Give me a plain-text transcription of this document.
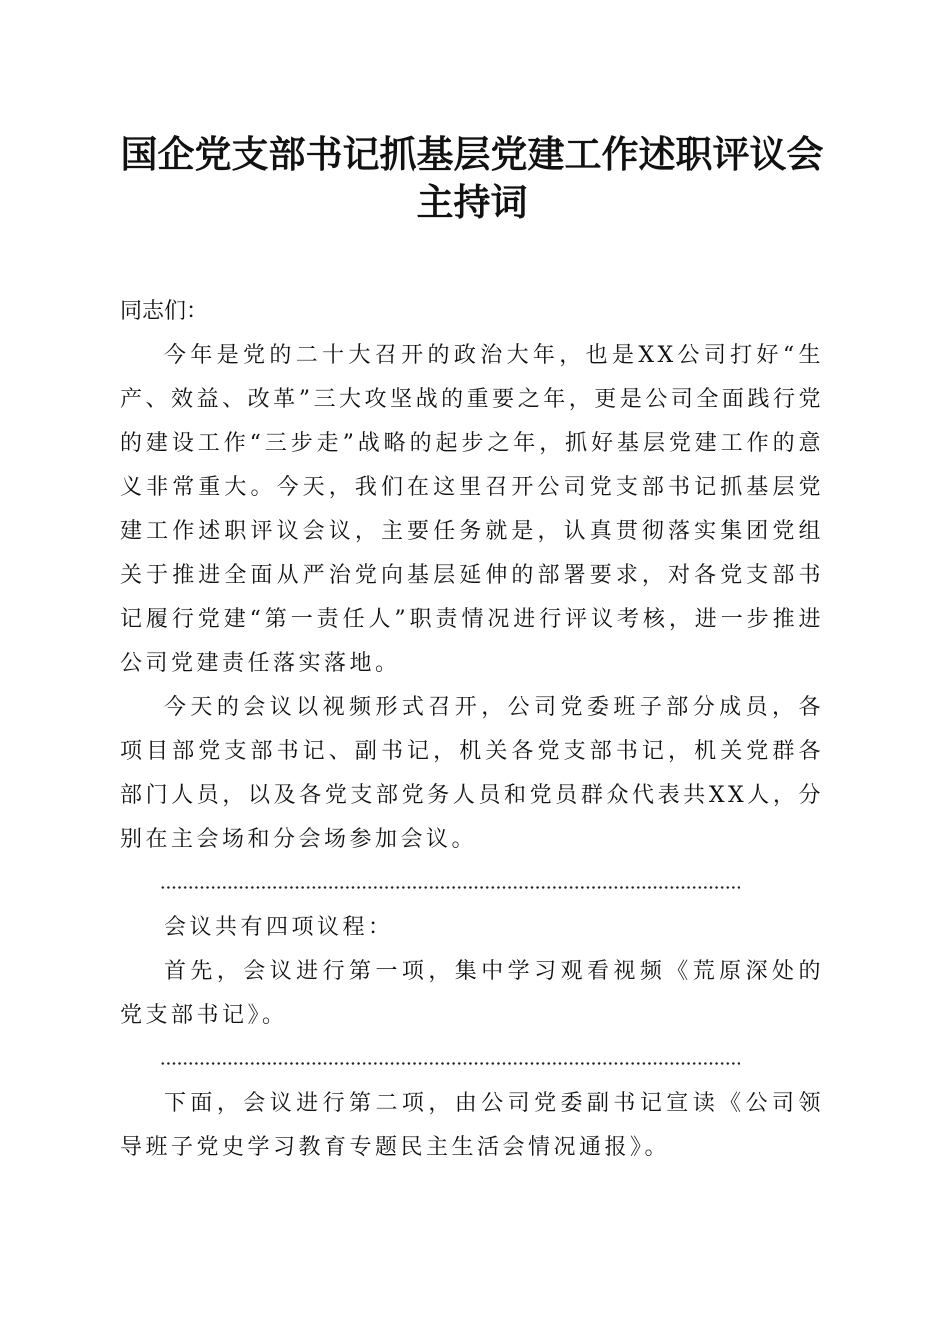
国企党支部书记抓基层党建工作述职评议会主持词

同志们：

今年是党的二十大召开的政治大年，也是XX公司打好“生产、效益、改革”三大攻坚战的重要之年，更是公司全面践行党的建设工作“三步走”战略的起步之年，抓好基层党建工作的意义非常重大。今天，我们在这里召开公司党支部书记抓基层党建工作述职评议会议，主要任务就是，认真贯彻落实集团党组关于推进全面从严治党向基层延伸的部署要求，对各党支部书记履行党建“第一责任人”职责情况进行评议考核，进一步推进公司党建责任落实落地。

今天的会议以视频形式召开，公司党委班子部分成员，各项目部党支部书记、副书记，机关各党支部书记，机关党群各部门人员，以及各党支部党务人员和党员群众代表共XX人，分别在主会场和分会场参加会议。

会议共有四项议程：

首先，会议进行第一项，集中学习观看视频《荒原深处的党支部书记》。

下面，会议进行第二项，由公司党委副书记宣读《公司领导班子党史学习教育专题民主生活会情况通报》。
